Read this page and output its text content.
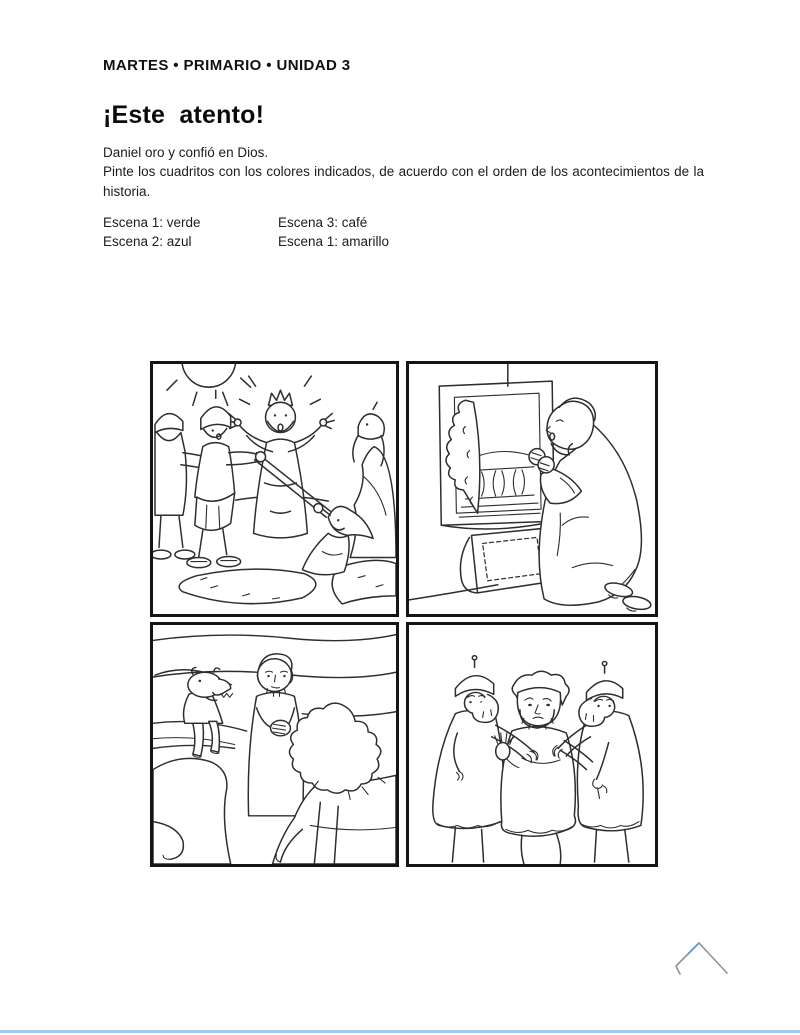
MARTES • PRIMARIO • UNIDAD 3
¡Este  atento!
Daniel oro y confió en Dios.
Pinte los cuadritos con los colores indicados, de acuerdo con el orden de los acontecimientos de la historia.
Escena 1: verde	Escena 3: café
Escena 2: azul	Escena 1: amarillo
